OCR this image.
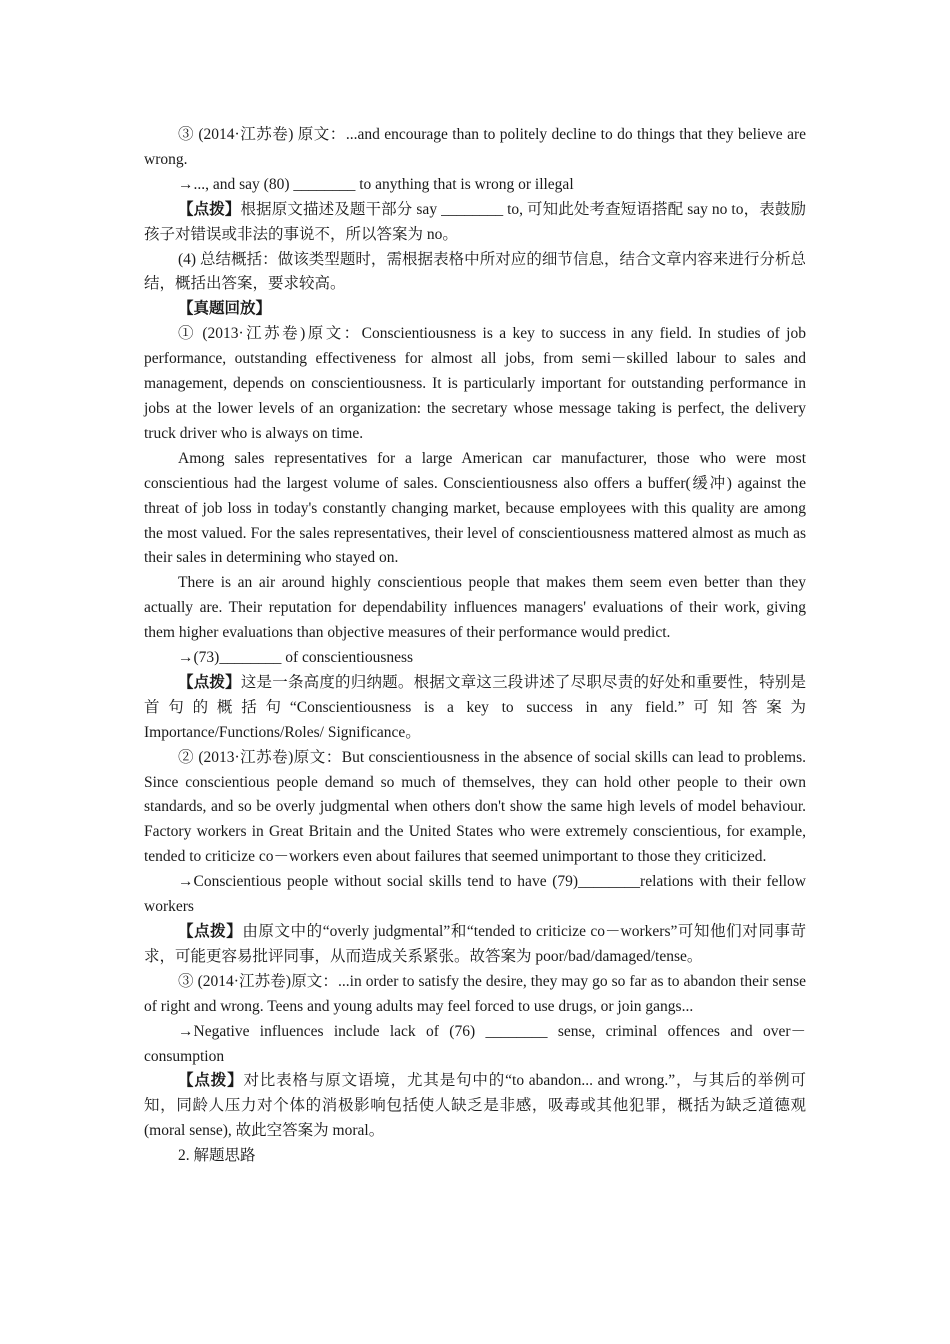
③ (2014·江苏卷) 原文：...and encourage than to politely decline to do things that they believe are wrong.

→..., and say (80) ________ to anything that is wrong or illegal

【点拨】根据原文描述及题干部分 say ________ to, 可知此处考查短语搭配 say no to，表鼓励孩子对错误或非法的事说不，所以答案为 no。

(4) 总结概括：做该类型题时，需根据表格中所对应的细节信息，结合文章内容来进行分析总结，概括出答案，要求较高。

【真题回放】

① (2013·江苏卷)原文：Conscientiousness is a key to success in any field. In studies of job performance, outstanding effectiveness for almost all jobs, from semi－skilled labour to sales and management, depends on conscientiousness. It is particularly important for outstanding performance in jobs at the lower levels of an organization: the secretary whose message taking is perfect, the delivery truck driver who is always on time.

Among sales representatives for a large American car manufacturer, those who were most conscientious had the largest volume of sales. Conscientiousness also offers a buffer(缓冲) against the threat of job loss in today's constantly changing market, because employees with this quality are among the most valued. For the sales representatives, their level of conscientiousness mattered almost as much as their sales in determining who stayed on.

There is an air around highly conscientious people that makes them seem even better than they actually are. Their reputation for dependability influences managers' evaluations of their work, giving them higher evaluations than objective measures of their performance would predict.

→(73)________ of conscientiousness

【点拨】这是一条高度的归纳题。根据文章这三段讲述了尽职尽责的好处和重要性，特别是首句的概括句“Conscientiousness is a key to success in any field.”可知答案为 Importance/Functions/Roles/ Significance。

② (2013·江苏卷)原文：But conscientiousness in the absence of social skills can lead to problems. Since conscientious people demand so much of themselves, they can hold other people to their own standards, and so be overly judgmental when others don't show the same high levels of model behaviour. Factory workers in Great Britain and the United States who were extremely conscientious, for example, tended to criticize co－workers even about failures that seemed unimportant to those they criticized.

→Conscientious people without social skills tend to have (79)________relations with their fellow workers

【点拨】由原文中的“overly judgmental”和“tended to criticize co－workers”可知他们对同事苛求，可能更容易批评同事，从而造成关系紧张。故答案为 poor/bad/damaged/tense。

③ (2014·江苏卷)原文：...in order to satisfy the desire, they may go so far as to abandon their sense of right and wrong. Teens and young adults may feel forced to use drugs, or join gangs...

→Negative influences include lack of (76) ________ sense, criminal offences and over－consumption

【点拨】对比表格与原文语境，尤其是句中的“to abandon... and wrong.”，与其后的举例可知，同龄人压力对个体的消极影响包括使人缺乏是非感，吸毒或其他犯罪，概括为缺乏道德观(moral sense), 故此空答案为 moral。

2. 解题思路
